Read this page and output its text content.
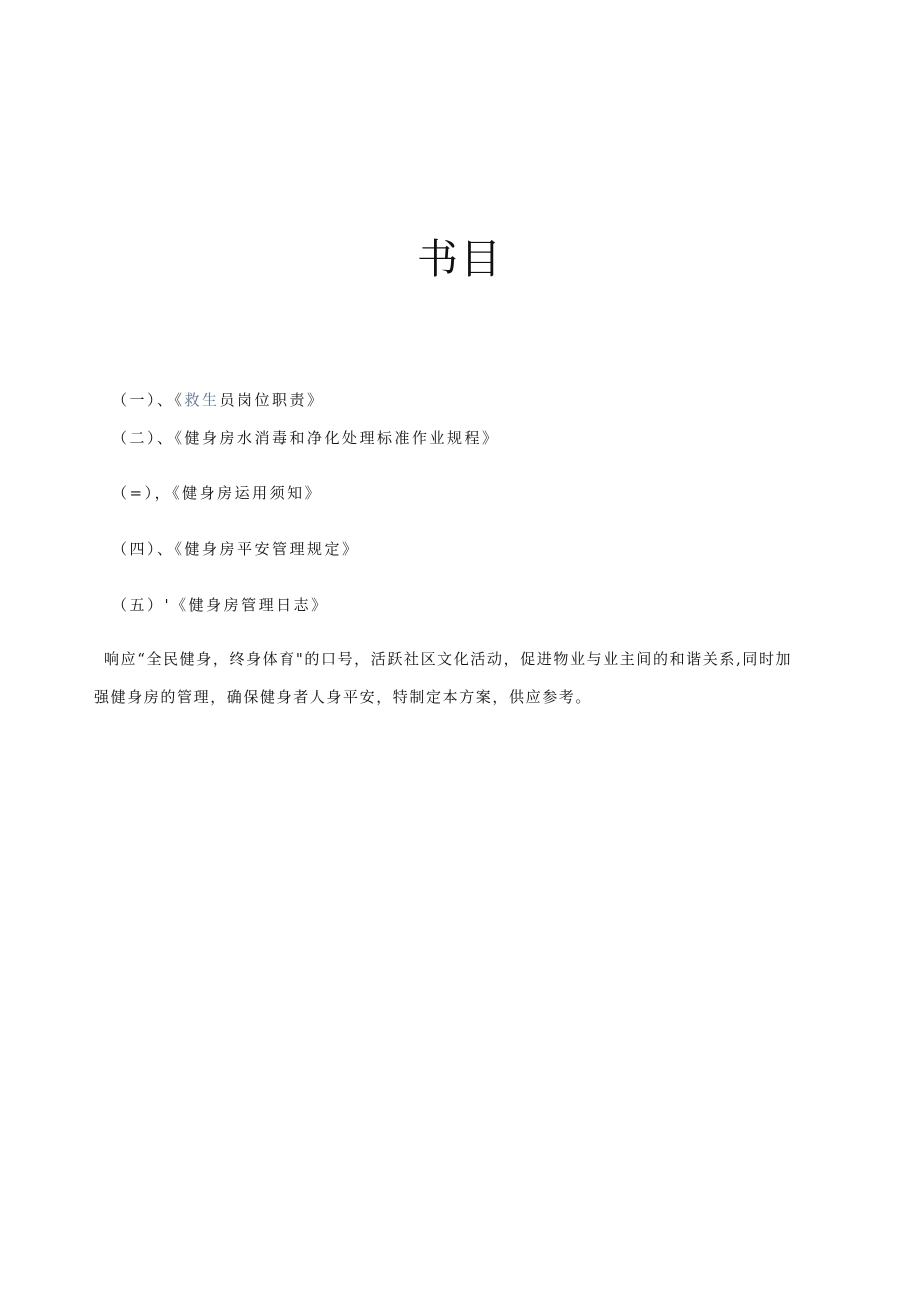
书目
（一）、《救生员岗位职责》
（二）、《健身房水消毒和净化处理标准作业规程》
（=），《健身房运用须知》
（四）、《健身房平安管理规定》
（五）'《健身房管理日志》
响应“全民健身，终身体育"的口号，活跃社区文化活动，促进物业与业主间的和谐关系,同时加
强健身房的管理，确保健身者人身平安，特制定本方案，供应参考。
